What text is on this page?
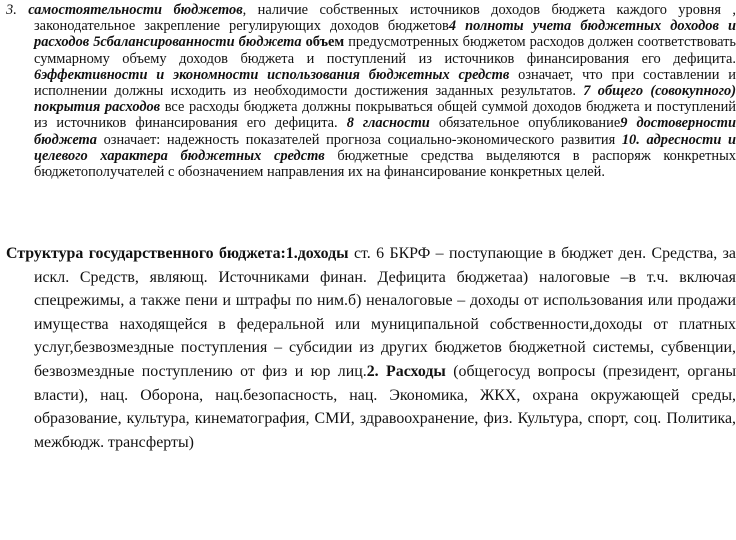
3. самостоятельности бюджетов, наличие собственных источников доходов бюджета каждого уровня , законодательное закрепление регулирующих доходов бюджетов4 полноты учета бюджетных доходов и расходов 5сбалансированности бюджета объем предусмотренных бюджетом расходов должен соответствовать суммарному объему доходов бюджета и поступлений из источников финансирования его дефицита. 6эффективности и экономности использования бюджетных средств означает, что при составлении и исполнении должны исходить из необходимости достижения заданных результатов. 7 общего (совокупного) покрытия расходов все расходы бюджета должны покрываться общей суммой доходов бюджета и поступлений из источников финансирования его дефицита. 8 гласности обязательное опубликование9 достоверности бюджета означает: надежность показателей прогноза социально-экономического развития 10. адресности и целевого характера бюджетных средств бюджетные средства выделяются в распоряж конкретных бюджетополучателей с обозначением направления их на финансирование конкретных целей.

Структура государственного бюджета:1.доходы ст. 6 БКРФ – поступающие в бюджет ден. Средства, за искл. Средств, являющ. Источниками финан. Дефицита бюджетаа) налоговые –в т.ч. включая спецрежимы, а также пени и штрафы по ним.б) неналоговые – доходы от использования или продажи имущества находящейся в федеральной или муниципальной собственности,доходы от платных услуг,безвозмездные поступления – субсидии из других бюджетов бюджетной системы, субвенции, безвозмездные поступлению от физ и юр лиц.2. Расходы (общегосуд вопросы (президент, органы власти), нац. Оборона, нац.безопасность, нац. Экономика, ЖКХ, охрана окружающей среды, образование, культура, кинематография, СМИ, здравоохранение, физ. Культура, спорт, соц. Политика, межбюдж. трансферты)
